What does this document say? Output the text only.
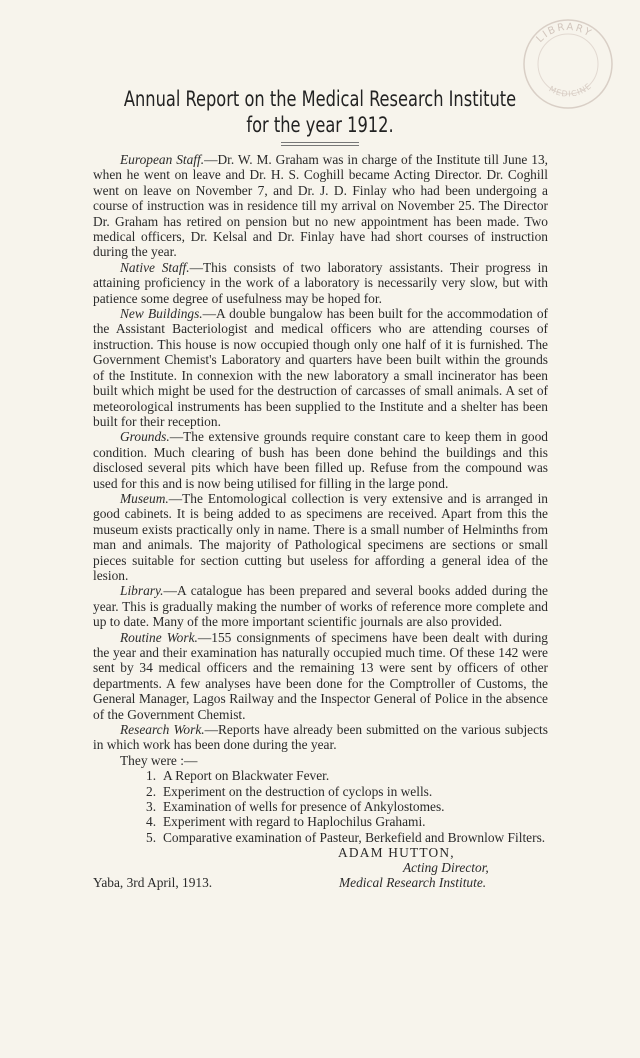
LIBRARY
MEDICINE

Annual Report on the Medical Research Institute

for the year 1912.

European Staff.—Dr. W. M. Graham was in charge of the Institute till June 13, when he went on leave and Dr. H. S. Coghill became Acting Director. Dr. Coghill went on leave on November 7, and Dr. J. D. Finlay who had been undergoing a course of instruction was in residence till my arrival on November 25. The Director Dr. Graham has retired on pension but no new appointment has been made. Two medical officers, Dr. Kelsal and Dr. Finlay have had short courses of instruction during the year.

Native Staff.—This consists of two laboratory assistants. Their progress in attaining proficiency in the work of a laboratory is necessarily very slow, but with patience some degree of usefulness may be hoped for.

New Buildings.—A double bungalow has been built for the accommodation of the Assistant Bacteriologist and medical officers who are attending courses of instruction. This house is now occupied though only one half of it is furnished. The Government Chemist's Laboratory and quarters have been built within the grounds of the Institute. In connexion with the new laboratory a small incinerator has been built which might be used for the destruction of carcasses of small animals. A set of meteorological instruments has been supplied to the Institute and a shelter has been built for their reception.

Grounds.—The extensive grounds require constant care to keep them in good condition. Much clearing of bush has been done behind the buildings and this disclosed several pits which have been filled up. Refuse from the compound was used for this and is now being utilised for filling in the large pond.

Museum.—The Entomological collection is very extensive and is arranged in good cabinets. It is being added to as specimens are received. Apart from this the museum exists practically only in name. There is a small number of Helminths from man and animals. The majority of Pathological specimens are sections or small pieces suitable for section cutting but useless for affording a general idea of the lesion.

Library.—A catalogue has been prepared and several books added during the year. This is gradually making the number of works of reference more complete and up to date. Many of the more important scientific journals are also provided.

Routine Work.—155 consignments of specimens have been dealt with during the year and their examination has naturally occupied much time. Of these 142 were sent by 34 medical officers and the remaining 13 were sent by officers of other departments. A few analyses have been done for the Comptroller of Customs, the General Manager, Lagos Railway and the Inspector General of Police in the absence of the Government Chemist.

Research Work.—Reports have already been submitted on the various subjects in which work has been done during the year.

They were :—

1. A Report on Blackwater Fever.
2. Experiment on the destruction of cyclops in wells.
3. Examination of wells for presence of Ankylostomes.
4. Experiment with regard to Haplochilus Grahami.
5. Comparative examination of Pasteur, Berkefield and Brownlow Filters.
ADAM HUTTON,
Acting Director,
Medical Research Institute.
Yaba, 3rd April, 1913.
